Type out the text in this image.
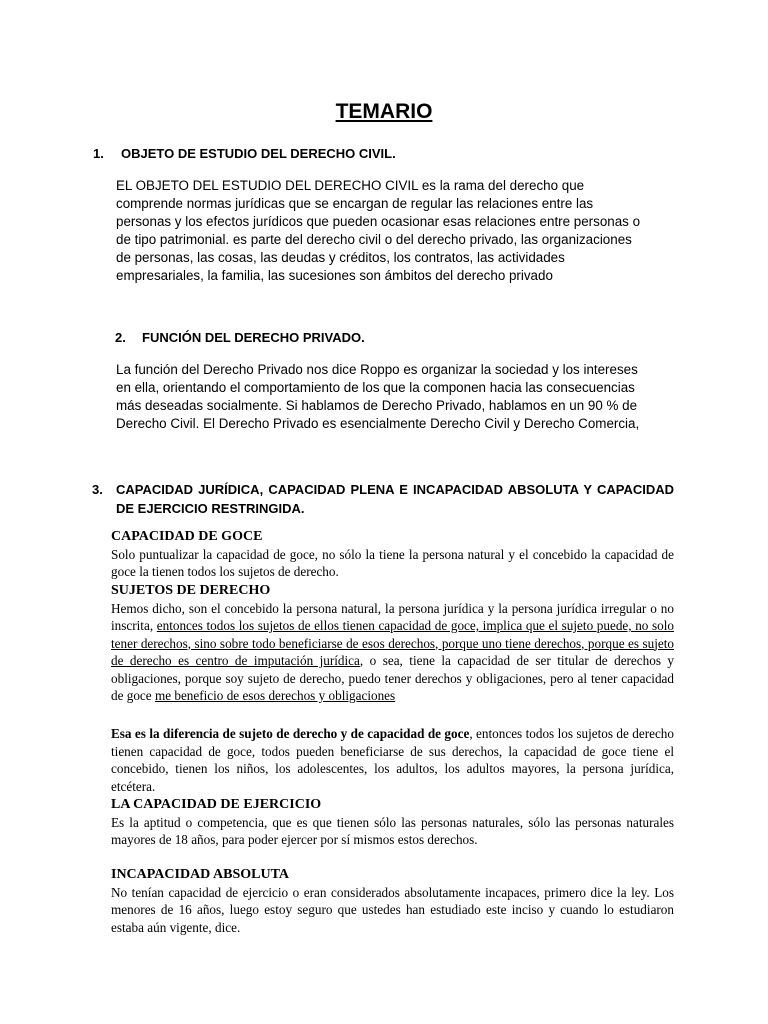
TEMARIO
1. OBJETO DE ESTUDIO DEL DERECHO CIVIL.
EL OBJETO DEL ESTUDIO DEL DERECHO CIVIL es la rama del derecho que
comprende normas jurídicas que se encargan de regular las relaciones entre las
personas y los efectos jurídicos que pueden ocasionar esas relaciones entre personas o
de tipo patrimonial. es parte del derecho civil o del derecho privado, las organizaciones
de personas, las cosas, las deudas y créditos, los contratos, las actividades
empresariales, la familia, las sucesiones son ámbitos del derecho privado
2. FUNCIÓN DEL DERECHO PRIVADO.
La función del Derecho Privado nos dice Roppo es organizar la sociedad y los intereses
en ella, orientando el comportamiento de los que la componen hacia las consecuencias
más deseadas socialmente. Si hablamos de Derecho Privado, hablamos en un 90 % de
Derecho Civil. El Derecho Privado es esencialmente Derecho Civil y Derecho Comercia,
3. CAPACIDAD JURÍDICA, CAPACIDAD PLENA E INCAPACIDAD ABSOLUTA Y CAPACIDAD DE EJERCICIO RESTRINGIDA.
CAPACIDAD DE GOCE
Solo puntualizar la capacidad de goce, no sólo la tiene la persona natural y el concebido la capacidad de goce la tienen todos los sujetos de derecho.
SUJETOS DE DERECHO
Hemos dicho, son el concebido la persona natural, la persona jurídica y la persona jurídica irregular o no inscrita, entonces todos los sujetos de ellos tienen capacidad de goce, implica que el sujeto puede, no solo tener derechos, sino sobre todo beneficiarse de esos derechos, porque uno tiene derechos, porque es sujeto de derecho es centro de imputación jurídica, o sea, tiene la capacidad de ser titular de derechos y obligaciones, porque soy sujeto de derecho, puedo tener derechos y obligaciones, pero al tener capacidad de goce me beneficio de esos derechos y obligaciones
Esa es la diferencia de sujeto de derecho y de capacidad de goce, entonces todos los sujetos de derecho tienen capacidad de goce, todos pueden beneficiarse de sus derechos, la capacidad de goce tiene el concebido, tienen los niños, los adolescentes, los adultos, los adultos mayores, la persona jurídica, etcétera.
LA CAPACIDAD DE EJERCICIO
Es la aptitud o competencia, que es que tienen sólo las personas naturales, sólo las personas naturales mayores de 18 años, para poder ejercer por sí mismos estos derechos.
INCAPACIDAD ABSOLUTA
No tenían capacidad de ejercicio o eran considerados absolutamente incapaces, primero dice la ley. Los menores de 16 años, luego estoy seguro que ustedes han estudiado este inciso y cuando lo estudiaron estaba aún vigente, dice.
